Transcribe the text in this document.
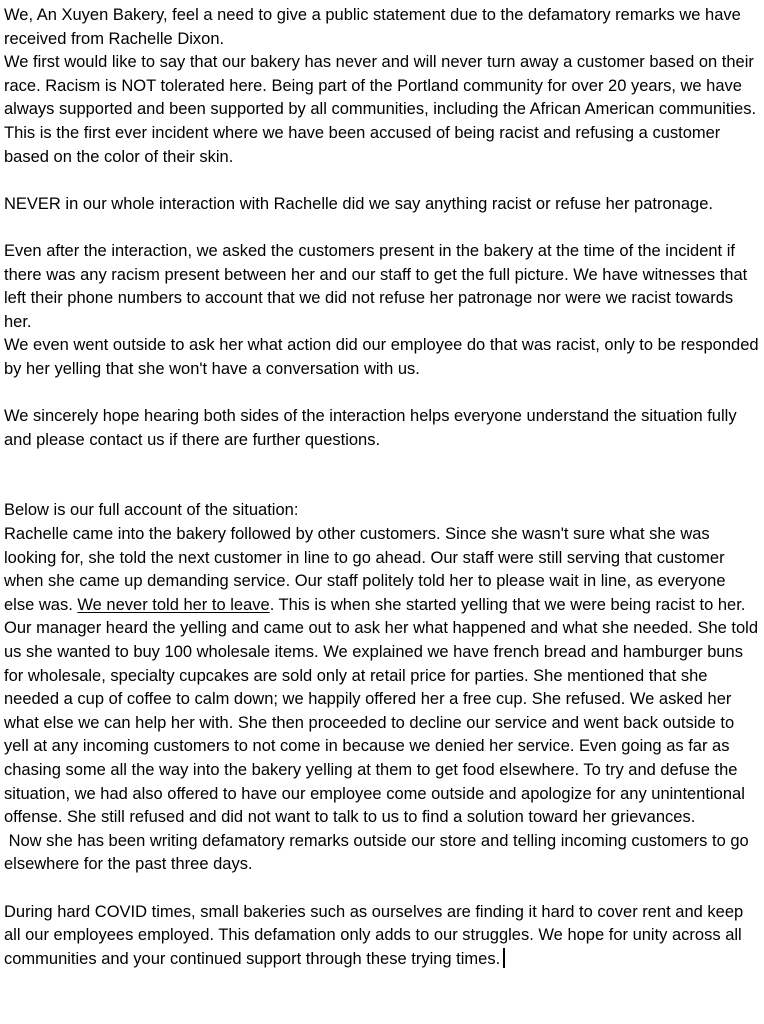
We, An Xuyen Bakery, feel a need to give a public statement due to the defamatory remarks we have received from Rachelle Dixon.

We first would like to say that our bakery has never and will never turn away a customer based on their race. Racism is NOT tolerated here. Being part of the Portland community for over 20 years, we have always supported and been supported by all communities, including the African American communities. This is the first ever incident where we have been accused of being racist and refusing a customer based on the color of their skin.

NEVER in our whole interaction with Rachelle did we say anything racist or refuse her patronage.

Even after the interaction, we asked the customers present in the bakery at the time of the incident if there was any racism present between her and our staff to get the full picture. We have witnesses that left their phone numbers to account that we did not refuse her patronage nor were we racist towards her.

We even went outside to ask her what action did our employee do that was racist, only to be responded by her yelling that she won't have a conversation with us.

We sincerely hope hearing both sides of the interaction helps everyone understand the situation fully and please contact us if there are further questions.

Below is our full account of the situation:

Rachelle came into the bakery followed by other customers. Since she wasn't sure what she was looking for, she told the next customer in line to go ahead. Our staff were still serving that customer when she came up demanding service. Our staff politely told her to please wait in line, as everyone else was. We never told her to leave. This is when she started yelling that we were being racist to her. Our manager heard the yelling and came out to ask her what happened and what she needed. She told us she wanted to buy 100 wholesale items. We explained we have french bread and hamburger buns for wholesale, specialty cupcakes are sold only at retail price for parties. She mentioned that she needed a cup of coffee to calm down; we happily offered her a free cup. She refused. We asked her what else we can help her with. She then proceeded to decline our service and went back outside to yell at any incoming customers to not come in because we denied her service. Even going as far as chasing some all the way into the bakery yelling at them to get food elsewhere. To try and defuse the situation, we had also offered to have our employee come outside and apologize for any unintentional offense. She still refused and did not want to talk to us to find a solution toward her grievances.

Now she has been writing defamatory remarks outside our store and telling incoming customers to go elsewhere for the past three days.

During hard COVID times, small bakeries such as ourselves are finding it hard to cover rent and keep all our employees employed. This defamation only adds to our struggles. We hope for unity across all communities and your continued support through these trying times.
